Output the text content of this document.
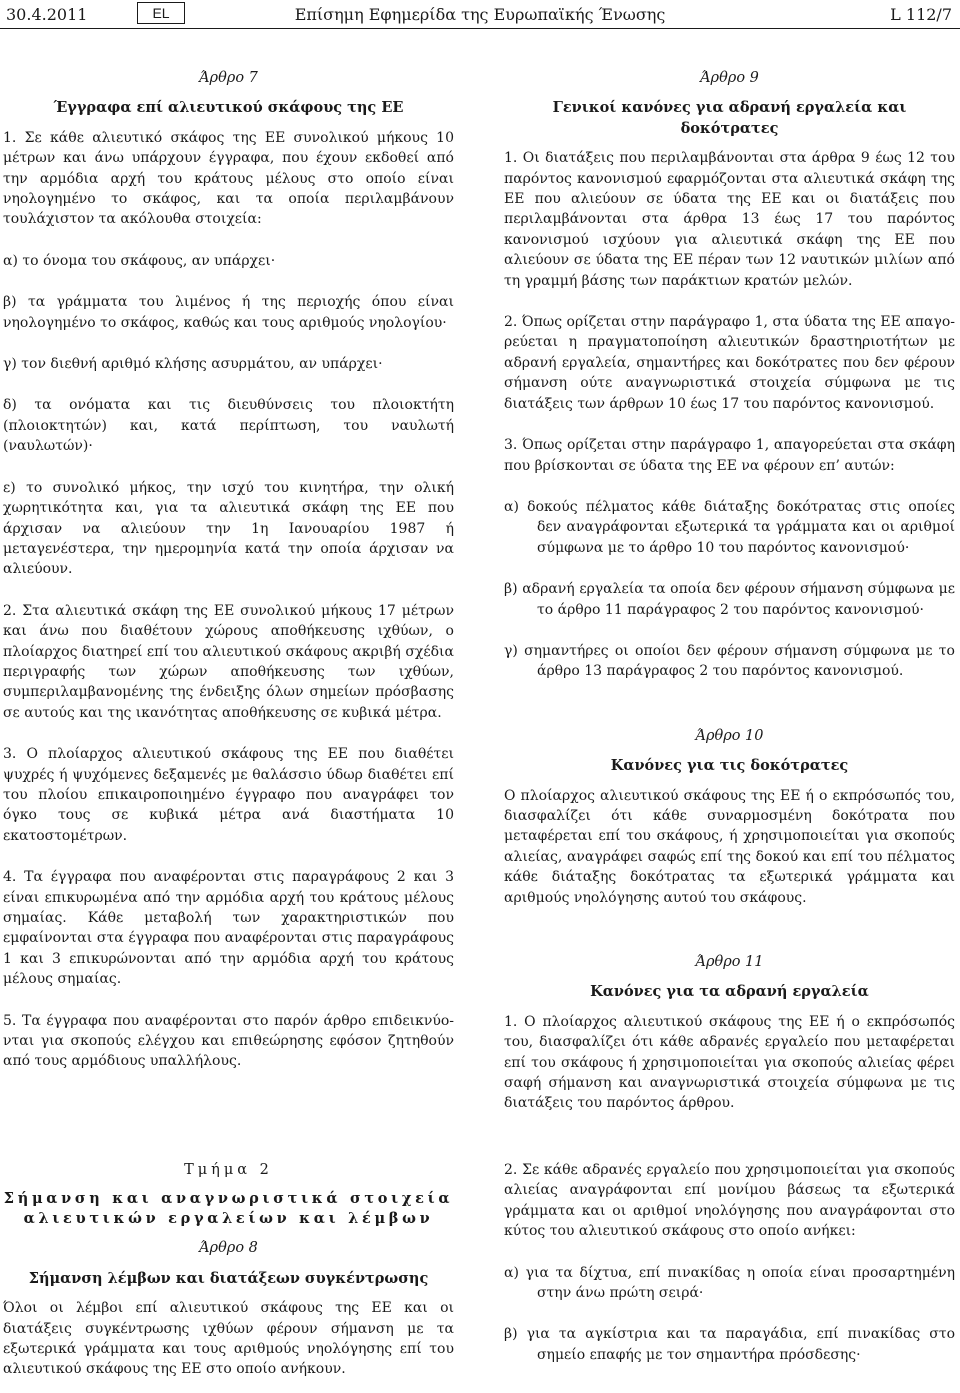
30.4.2011	EL	Επίσημη Εφημερίδα της Ευρωπαϊκής Ένωσης	L 112/7

Άρθρο 7

Έγγραφα επί αλιευτικού σκάφους της ΕΕ

1. Σε κάθε αλιευτικό σκάφος της ΕΕ συνολικού μήκους 10 μέτρων και άνω υπάρχουν έγγραφα, που έχουν εκδοθεί από την αρμόδια αρχή του κράτους μέλους στο οποίο είναι νηολογημένο το σκάφος, και τα οποία περιλαμβάνουν τουλάχιστον τα ακόλουθα στοιχεία:

α) το όνομα του σκάφους, αν υπάρχει·

β) τα γράμματα του λιμένος ή της περιοχής όπου είναι νηολογημένο το σκάφος, καθώς και τους αριθμούς νηολογίου·

γ) τον διεθνή αριθμό κλήσης ασυρμάτου, αν υπάρχει·

δ) τα ονόματα και τις διευθύνσεις του πλοιοκτήτη (πλοιοκτητών) και, κατά περίπτωση, του ναυλωτή (ναυλωτών)·

ε) το συνολικό μήκος, την ισχύ του κινητήρα, την ολική χωρητικότητα και, για τα αλιευτικά σκάφη της ΕΕ που άρχισαν να αλιεύουν την 1η Ιανουαρίου 1987 ή μεταγενέστερα, την ημερομηνία κατά την οποία άρχισαν να αλιεύουν.

2. Στα αλιευτικά σκάφη της ΕΕ συνολικού μήκους 17 μέτρων και άνω που διαθέτουν χώρους αποθήκευσης ιχθύων, ο πλοίαρχος διατηρεί επί του αλιευτικού σκάφους ακριβή σχέδια περιγραφής των χώρων αποθήκευσης των ιχθύων, συμπεριλαμβανομένης της ένδειξης όλων σημείων πρόσβασης σε αυτούς και της ικανότητας αποθήκευσης σε κυβικά μέτρα.

3. Ο πλοίαρχος αλιευτικού σκάφους της ΕΕ που διαθέτει ψυχρές ή ψυχόμενες δεξαμενές με θαλάσσιο ύδωρ διαθέτει επί του πλοίου επικαιροποιημένο έγγραφο που αναγράφει τον όγκο τους σε κυβικά μέτρα ανά διαστήματα 10 εκατοστομέτρων.

4. Τα έγγραφα που αναφέρονται στις παραγράφους 2 και 3 είναι επικυρωμένα από την αρμόδια αρχή του κράτους μέλους σημαίας. Κάθε μεταβολή των χαρακτηριστικών που εμφαίνονται στα έγγραφα που αναφέρονται στις παραγράφους 1 και 3 επικυρώνονται από την αρμόδια αρχή του κράτους μέλους σημαίας.

5. Τα έγγραφα που αναφέρονται στο παρόν άρθρο επιδεικνύονται για σκοπούς ελέγχου και επιθεώρησης εφόσον ζητηθούν από τους αρμόδιους υπαλλήλους.

Άρθρο 9

Γενικοί κανόνες για αδρανή εργαλεία και δοκότρατες

1. Οι διατάξεις που περιλαμβάνονται στα άρθρα 9 έως 12 του παρόντος κανονισμού εφαρμόζονται στα αλιευτικά σκάφη της ΕΕ που αλιεύουν σε ύδατα της ΕΕ και οι διατάξεις που περιλαμβάνονται στα άρθρα 13 έως 17 του παρόντος κανονισμού ισχύουν για αλιευτικά σκάφη της ΕΕ που αλιεύουν σε ύδατα της ΕΕ πέραν των 12 ναυτικών μιλίων από τη γραμμή βάσης των παράκτιων κρατών μελών.

2. Όπως ορίζεται στην παράγραφο 1, στα ύδατα της ΕΕ απαγορεύεται η πραγματοποίηση αλιευτικών δραστηριοτήτων με αδρανή εργαλεία, σημαντήρες και δοκότρατες που δεν φέρουν σήμανση ούτε αναγνωριστικά στοιχεία σύμφωνα με τις διατάξεις των άρθρων 10 έως 17 του παρόντος κανονισμού.

3. Όπως ορίζεται στην παράγραφο 1, απαγορεύεται στα σκάφη που βρίσκονται σε ύδατα της ΕΕ να φέρουν επ’ αυτών:

α) δοκούς πέλματος κάθε διάταξης δοκότρατας στις οποίες δεν αναγράφονται εξωτερικά τα γράμματα και οι αριθμοί σύμφωνα με το άρθρο 10 του παρόντος κανονισμού·

β) αδρανή εργαλεία τα οποία δεν φέρουν σήμανση σύμφωνα με το άρθρο 11 παράγραφος 2 του παρόντος κανονισμού·

γ) σημαντήρες οι οποίοι δεν φέρουν σήμανση σύμφωνα με το άρθρο 13 παράγραφος 2 του παρόντος κανονισμού.

Άρθρο 10

Κανόνες για τις δοκότρατες

Ο πλοίαρχος αλιευτικού σκάφους της ΕΕ ή ο εκπρόσωπός του, διασφαλίζει ότι κάθε συναρμοσμένη δοκότρατα που μεταφέρεται επί του σκάφους, ή χρησιμοποιείται για σκοπούς αλιείας, αναγράφει σαφώς επί της δοκού και επί του πέλματος κάθε διάταξης δοκότρατας τα εξωτερικά γράμματα και αριθμούς νηολόγησης αυτού του σκάφους.

Άρθρο 11

Κανόνες για τα αδρανή εργαλεία

1. Ο πλοίαρχος αλιευτικού σκάφους της ΕΕ ή ο εκπρόσωπός του, διασφαλίζει ότι κάθε αδρανές εργαλείο που μεταφέρεται επί του σκάφους ή χρησιμοποιείται για σκοπούς αλιείας φέρει σαφή σήμανση και αναγνωριστικά στοιχεία σύμφωνα με τις διατάξεις του παρόντος άρθρου.

Τμήμα 2

Σήμανση και αναγνωριστικά στοιχεία

αλιευτικών εργαλείων και λέμβων

Άρθρο 8

Σήμανση λέμβων και διατάξεων συγκέντρωσης

Όλοι οι λέμβοι επί αλιευτικού σκάφους της ΕΕ και οι διατάξεις συγκέντρωσης ιχθύων φέρουν σήμανση με τα εξωτερικά γράμματα και τους αριθμούς νηολόγησης επί του αλιευτικού σκάφους της ΕΕ στο οποίο ανήκουν.

2. Σε κάθε αδρανές εργαλείο που χρησιμοποιείται για σκοπούς αλιείας αναγράφονται επί μονίμου βάσεως τα εξωτερικά γράμματα και οι αριθμοί νηολόγησης που αναγράφονται στο κύτος του αλιευτικού σκάφους στο οποίο ανήκει:

α) για τα δίχτυα, επί πινακίδας η οποία είναι προσαρτημένη στην άνω πρώτη σειρά·

β) για τα αγκίστρια και τα παραγάδια, επί πινακίδας στο σημείο επαφής με τον σημαντήρα πρόσδεσης·
